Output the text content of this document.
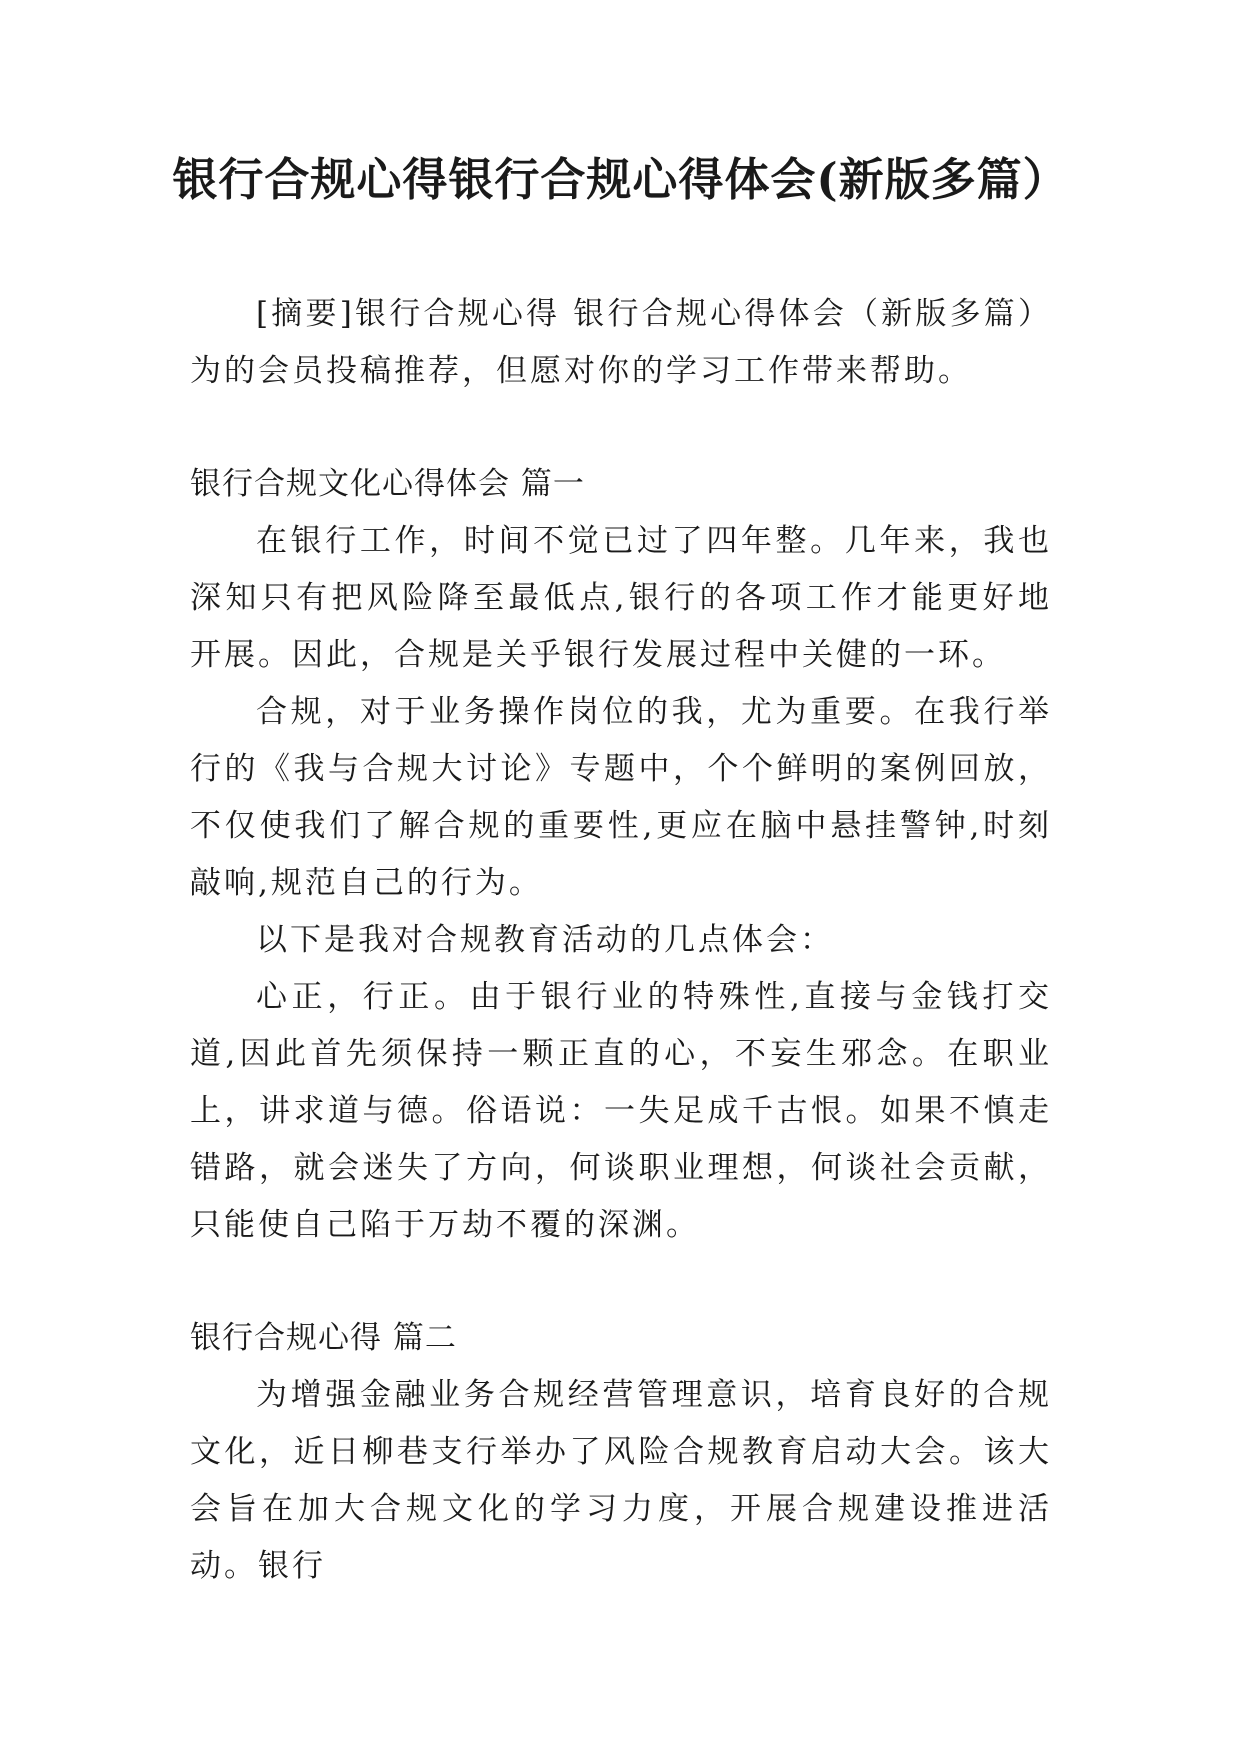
银行合规心得银行合规心得体会(新版多篇）

[摘要]银行合规心得 银行合规心得体会（新版多篇）为的会员投稿推荐，但愿对你的学习工作带来帮助。

银行合规文化心得体会 篇一

在银行工作，时间不觉已过了四年整。几年来，我也深知只有把风险降至最低点,银行的各项工作才能更好地开展。因此，合规是关乎银行发展过程中关健的一环。

合规，对于业务操作岗位的我，尤为重要。在我行举行的《我与合规大讨论》专题中，个个鲜明的案例回放，不仅使我们了解合规的重要性,更应在脑中悬挂警钟,时刻敲响,规范自己的行为。

以下是我对合规教育活动的几点体会：

心正，行正。由于银行业的特殊性,直接与金钱打交道,因此首先须保持一颗正直的心，不妄生邪念。在职业上，讲求道与德。俗语说：一失足成千古恨。如果不慎走错路，就会迷失了方向，何谈职业理想，何谈社会贡献，只能使自己陷于万劫不覆的深渊。

银行合规心得 篇二

为增强金融业务合规经营管理意识，培育良好的合规文化，近日柳巷支行举办了风险合规教育启动大会。该大会旨在加大合规文化的学习力度，开展合规建设推进活动。银行
